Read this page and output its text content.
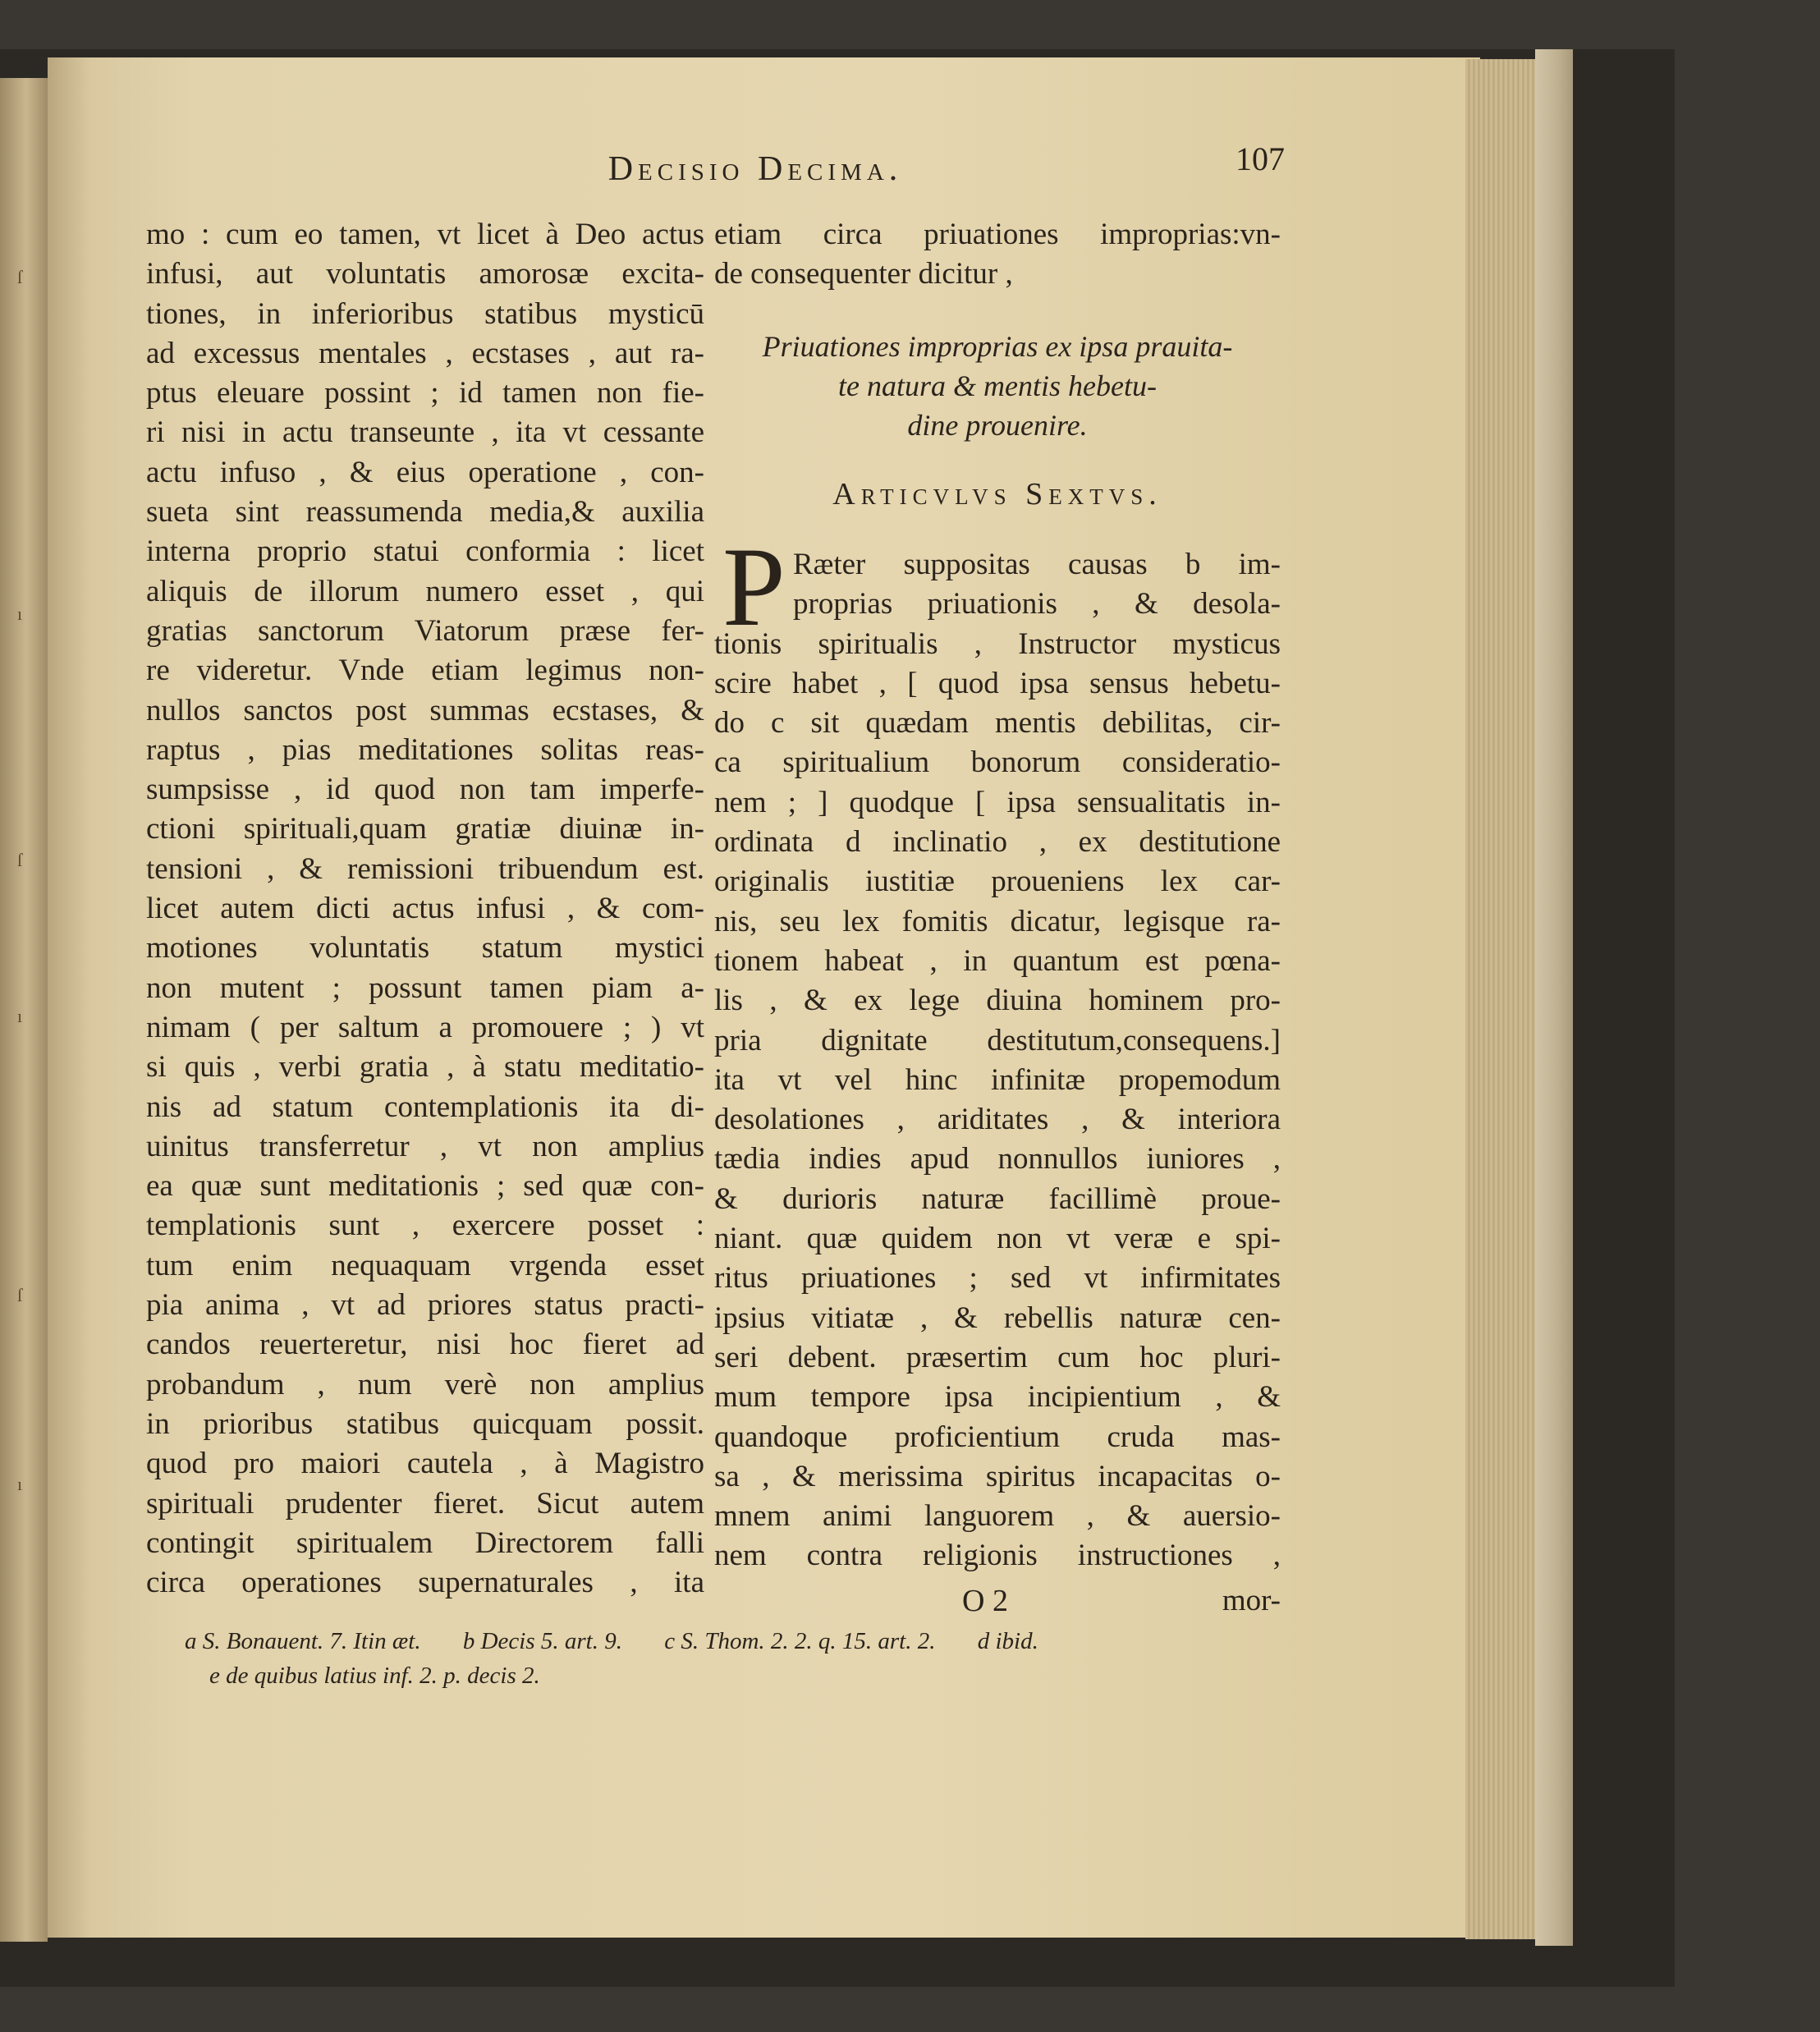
ſ
ı
ſ
ı
ſ
ı
Decisio Decima.	107
mo : cum eo tamen, vt licet à Deo actus
infusi, aut voluntatis amorosæ excita-
tiones, in inferioribus statibus mysticū
ad excessus mentales , ecstases , aut ra-
ptus eleuare possint ; id tamen non fie-
ri nisi in actu transeunte , ita vt cessante
actu infuso , & eius operatione , con-
sueta sint reassumenda media,& auxilia
interna proprio statui conformia : licet
aliquis de illorum numero esset , qui
gratias sanctorum Viatorum præse fer-
re videretur. Vnde etiam legimus non-
nullos sanctos post summas ecstases, &
raptus , pias meditationes solitas reas-
sumpsisse , id quod non tam imperfe-
ctioni spirituali,quam gratiæ diuinæ in-
tensioni , & remissioni tribuendum est.
licet autem dicti actus infusi , & com-
motiones voluntatis statum mystici
non mutent ; possunt tamen piam a-
nimam ( per saltum a promouere ; ) vt
si quis , verbi gratia , à statu meditatio-
nis ad statum contemplationis ita di-
uinitus transferretur , vt non amplius
ea quæ sunt meditationis ; sed quæ con-
templationis sunt , exercere posset :
tum enim nequaquam vrgenda esset
pia anima , vt ad priores status practi-
candos reuerteretur, nisi hoc fieret ad
probandum , num verè non amplius
in prioribus statibus quicquam possit.
quod pro maiori cautela , à Magistro
spirituali prudenter fieret. Sicut autem
contingit spiritualem Directorem falli
circa operationes supernaturales , ita
etiam circa priuationes improprias:vn-
de consequenter dicitur ,
Priuationes improprias ex ipsa prauita-
te natura & mentis hebetu-
dine prouenire.
Articvlvs Sextvs.
P Ræter suppositas causas b im-
proprias priuationis , & desola-
tionis spiritualis , Instructor mysticus
scire habet , [ quod ipsa sensus hebetu-
do c sit quædam mentis debilitas, cir-
ca spiritualium bonorum consideratio-
nem ; ] quodque [ ipsa sensualitatis in-
ordinata d inclinatio , ex destitutione
originalis iustitiæ proueniens lex car-
nis, seu lex fomitis dicatur, legisque ra-
tionem habeat , in quantum est pœna-
lis , & ex lege diuina hominem pro-
pria dignitate destitutum,consequens.]
ita vt vel hinc infinitæ propemodum
desolationes , ariditates , & interiora
tædia indies apud nonnullos iuniores ,
& durioris naturæ facillimè proue-
niant. quæ quidem non vt veræ e spi-
ritus priuationes ; sed vt infirmitates
ipsius vitiatæ , & rebellis naturæ cen-
seri debent. præsertim cum hoc pluri-
mum tempore ipsa incipientium , &
quandoque proficientium cruda mas-
sa , & merissima spiritus incapacitas o-
mnem animi languorem , & auersio-
nem contra religionis instructiones ,
O 2	mor-
a S. Bonauent. 7. Itin æt. b Decis 5. art. 9. c S. Thom. 2. 2. q. 15. art. 2. d ibid.
e de quibus latius inf. 2. p. decis 2.
